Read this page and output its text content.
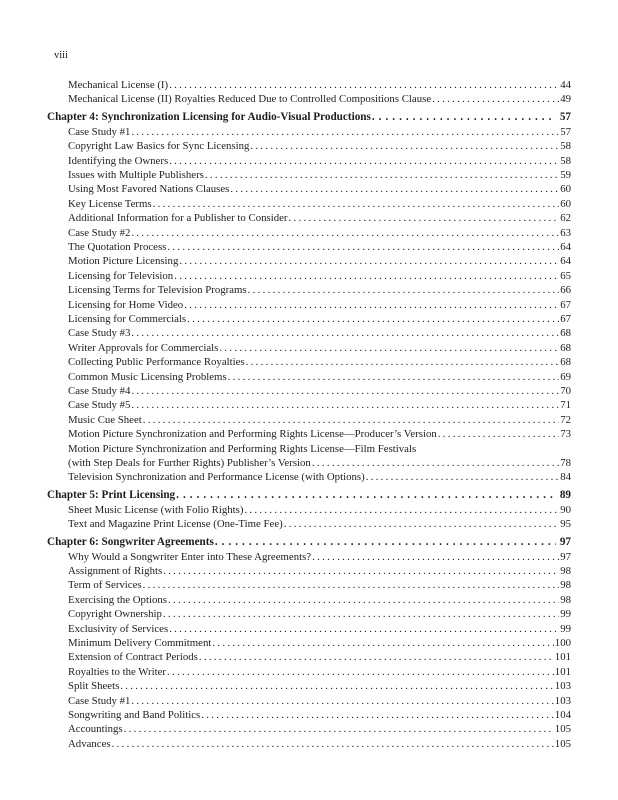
viii
Mechanical License (I) .....	44
Mechanical License (II) Royalties Reduced Due to Controlled Compositions Clause .....	49
Chapter 4: Synchronization Licensing for Audio-Visual Productions .....	57
Case Study #1 .....	57
Copyright Law Basics for Sync Licensing .....	58
Identifying the Owners .....	58
Issues with Multiple Publishers .....	59
Using Most Favored Nations Clauses .....	60
Key License Terms .....	60
Additional Information for a Publisher to Consider .....	62
Case Study #2 .....	63
The Quotation Process .....	64
Motion Picture Licensing .....	64
Licensing for Television .....	65
Licensing Terms for Television Programs .....	66
Licensing for Home Video .....	67
Licensing for Commercials .....	67
Case Study #3 .....	68
Writer Approvals for Commercials .....	68
Collecting Public Performance Royalties .....	68
Common Music Licensing Problems .....	69
Case Study #4 .....	70
Case Study #5 .....	71
Music Cue Sheet .....	72
Motion Picture Synchronization and Performing Rights License—Producer’s Version .....	73
Motion Picture Synchronization and Performing Rights License—Film Festivals
(with Step Deals for Further Rights) Publisher’s Version .....	78
Television Synchronization and Performance License (with Options) .....	84
Chapter 5: Print Licensing .....	89
Sheet Music License (with Folio Rights) .....	90
Text and Magazine Print License (One-Time Fee) .....	95
Chapter 6: Songwriter Agreements .....	97
Why Would a Songwriter Enter into These Agreements? .....	97
Assignment of Rights .....	98
Term of Services .....	98
Exercising the Options .....	98
Copyright Ownership .....	99
Exclusivity of Services .....	99
Minimum Delivery Commitment .....	100
Extension of Contract Periods .....	101
Royalties to the Writer .....	101
Split Sheets .....	103
Case Study #1 .....	103
Songwriting and Band Politics .....	104
Accountings .....	105
Advances .....	105
